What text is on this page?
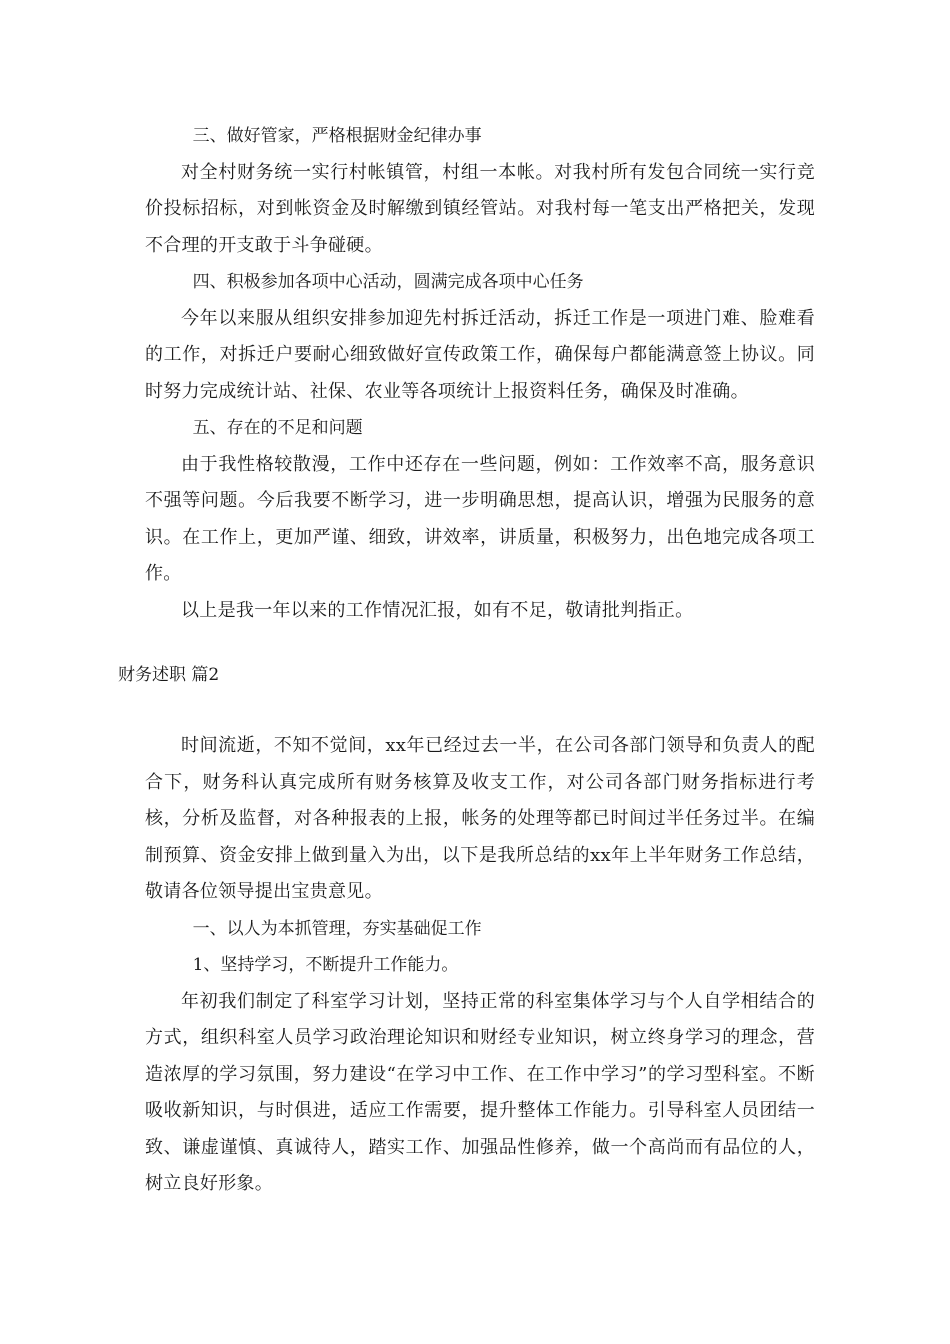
三、做好管家，严格根据财金纪律办事

对全村财务统一实行村帐镇管，村组一本帐。对我村所有发包合同统一实行竞价投标招标，对到帐资金及时解缴到镇经管站。对我村每一笔支出严格把关，发现不合理的开支敢于斗争碰硬。

四、积极参加各项中心活动，圆满完成各项中心任务

今年以来服从组织安排参加迎先村拆迁活动，拆迁工作是一项进门难、脸难看的工作，对拆迁户要耐心细致做好宣传政策工作，确保每户都能满意签上协议。同时努力完成统计站、社保、农业等各项统计上报资料任务，确保及时准确。

五、存在的不足和问题

由于我性格较散漫，工作中还存在一些问题，例如：工作效率不高，服务意识不强等问题。今后我要不断学习，进一步明确思想，提高认识，增强为民服务的意识。在工作上，更加严谨、细致，讲效率，讲质量，积极努力，出色地完成各项工作。

以上是我一年以来的工作情况汇报，如有不足，敬请批判指正。

财务述职 篇2

时间流逝，不知不觉间，xx年已经过去一半，在公司各部门领导和负责人的配合下，财务科认真完成所有财务核算及收支工作，对公司各部门财务指标进行考核，分析及监督，对各种报表的上报，帐务的处理等都已时间过半任务过半。在编制预算、资金安排上做到量入为出，以下是我所总结的xx年上半年财务工作总结，敬请各位领导提出宝贵意见。

一、以人为本抓管理，夯实基础促工作

1、坚持学习，不断提升工作能力。

年初我们制定了科室学习计划，坚持正常的科室集体学习与个人自学相结合的方式，组织科室人员学习政治理论知识和财经专业知识，树立终身学习的理念，营造浓厚的学习氛围，努力建设“在学习中工作、在工作中学习”的学习型科室。不断吸收新知识，与时俱进，适应工作需要，提升整体工作能力。引导科室人员团结一致、谦虚谨慎、真诚待人，踏实工作、加强品性修养，做一个高尚而有品位的人，树立良好形象。
